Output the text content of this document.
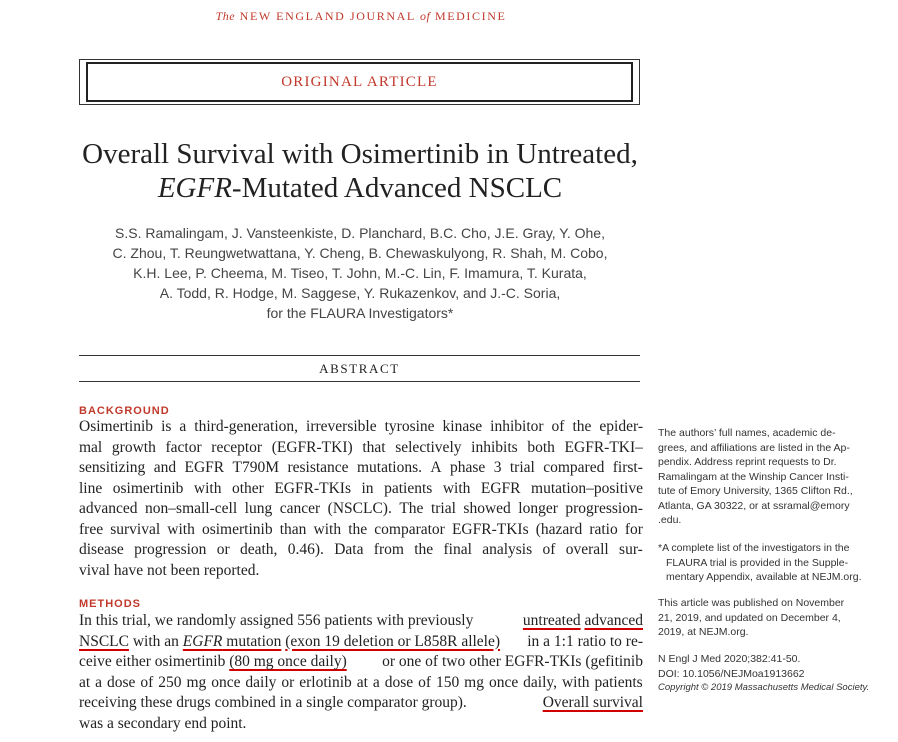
The NEW ENGLAND JOURNAL of MEDICINE
ORIGINAL ARTICLE
Overall Survival with Osimertinib in Untreated,
EGFR-Mutated Advanced NSCLC
S.S. Ramalingam, J. Vansteenkiste, D. Planchard, B.C. Cho, J.E. Gray, Y. Ohe,
C. Zhou, T. Reungwetwattana, Y. Cheng, B. Chewaskulyong, R. Shah, M. Cobo,
K.H. Lee, P. Cheema, M. Tiseo, T. John, M.-C. Lin, F. Imamura, T. Kurata,
A. Todd, R. Hodge, M. Saggese, Y. Rukazenkov, and J.-C. Soria,
for the FLAURA Investigators*
ABSTRACT
BACKGROUND
Osimertinib is a third-generation, irreversible tyrosine kinase inhibitor of the epider-
mal growth factor receptor (EGFR-TKI) that selectively inhibits both EGFR-TKI–
sensitizing and EGFR T790M resistance mutations. A phase 3 trial compared first-
line osimertinib with other EGFR-TKIs in patients with EGFR mutation–positive
advanced non–small-cell lung cancer (NSCLC). The trial showed longer progression-
free survival with osimertinib than with the comparator EGFR-TKIs (hazard ratio for
disease progression or death, 0.46). Data from the final analysis of overall sur-
vival have not been reported.
METHODS
In this trial, we randomly assigned 556 patients with previously	untreated advanced
NSCLC with an EGFR mutation (exon 19 deletion or L858R allele) in a 1:1 ratio to re-
ceive either osimertinib (80 mg once daily) or one of two other EGFR-TKIs (gefitinib
at a dose of 250 mg once daily or erlotinib at a dose of 150 mg once daily, with patients
receiving these drugs combined in a single comparator group).	Overall survival
was a secondary end point.
The authors’ full names, academic de-
grees, and affiliations are listed in the Ap-
pendix. Address reprint requests to Dr.
Ramalingam at the Winship Cancer Insti-
tute of Emory University, 1365 Clifton Rd.,
Atlanta, GA 30322, or at ssramal@emory
.edu.
*A complete list of the investigators in the
FLAURA trial is provided in the Supple-
mentary Appendix, available at NEJM.org.
This article was published on November
21, 2019, and updated on December 4,
2019, at NEJM.org.
N Engl J Med 2020;382:41-50.
DOI: 10.1056/NEJMoa1913662
Copyright © 2019 Massachusetts Medical Society.
